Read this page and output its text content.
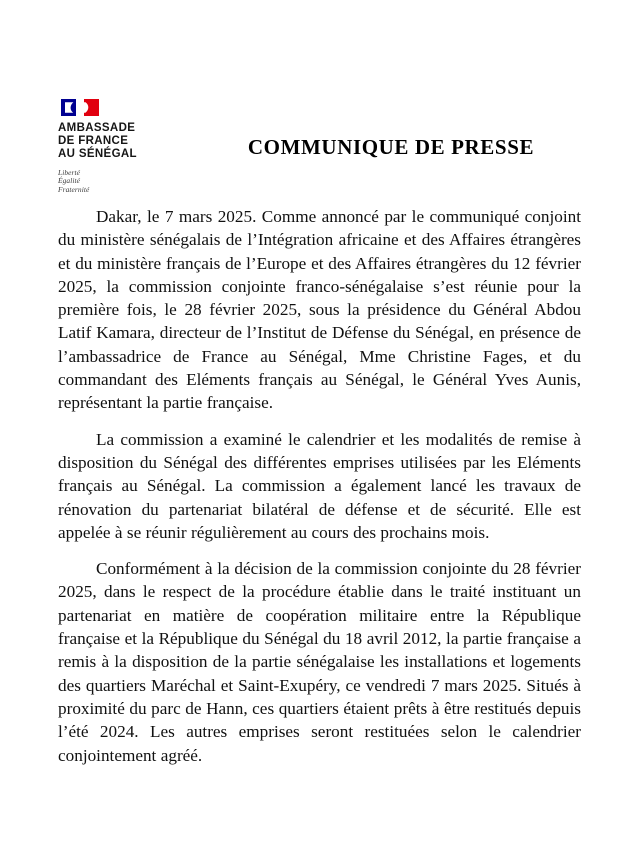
AMBASSADE
DE FRANCE
AU SÉNÉGAL
Liberté
Égalité
Fraternité
COMMUNIQUE DE PRESSE

Dakar, le 7 mars 2025. Comme annoncé par le communiqué conjoint du ministère sénégalais de l’Intégration africaine et des Affaires étrangères et du ministère français de l’Europe et des Affaires étrangères du 12 février 2025, la commission conjointe franco-sénégalaise s’est réunie pour la première fois, le 28 février 2025, sous la présidence du Général Abdou Latif Kamara, directeur de l’Institut de Défense du Sénégal, en présence de l’ambassadrice de France au Sénégal, Mme Christine Fages, et du commandant des Eléments français au Sénégal, le Général Yves Aunis, représentant la partie française.

La commission a examiné le calendrier et les modalités de remise à disposition du Sénégal des différentes emprises utilisées par les Eléments français au Sénégal. La commission a également lancé les travaux de rénovation du partenariat bilatéral de défense et de sécurité. Elle est appelée à se réunir régulièrement au cours des prochains mois.

Conformément à la décision de la commission conjointe du 28 février 2025, dans le respect de la procédure établie dans le traité instituant un partenariat en matière de coopération militaire entre la République française et la République du Sénégal du 18 avril 2012, la partie française a remis à la disposition de la partie sénégalaise les installations et logements des quartiers Maréchal et Saint-Exupéry, ce vendredi 7 mars 2025. Situés à proximité du parc de Hann, ces quartiers étaient prêts à être restitués depuis l’été 2024. Les autres emprises seront restituées selon le calendrier conjointement agréé.
